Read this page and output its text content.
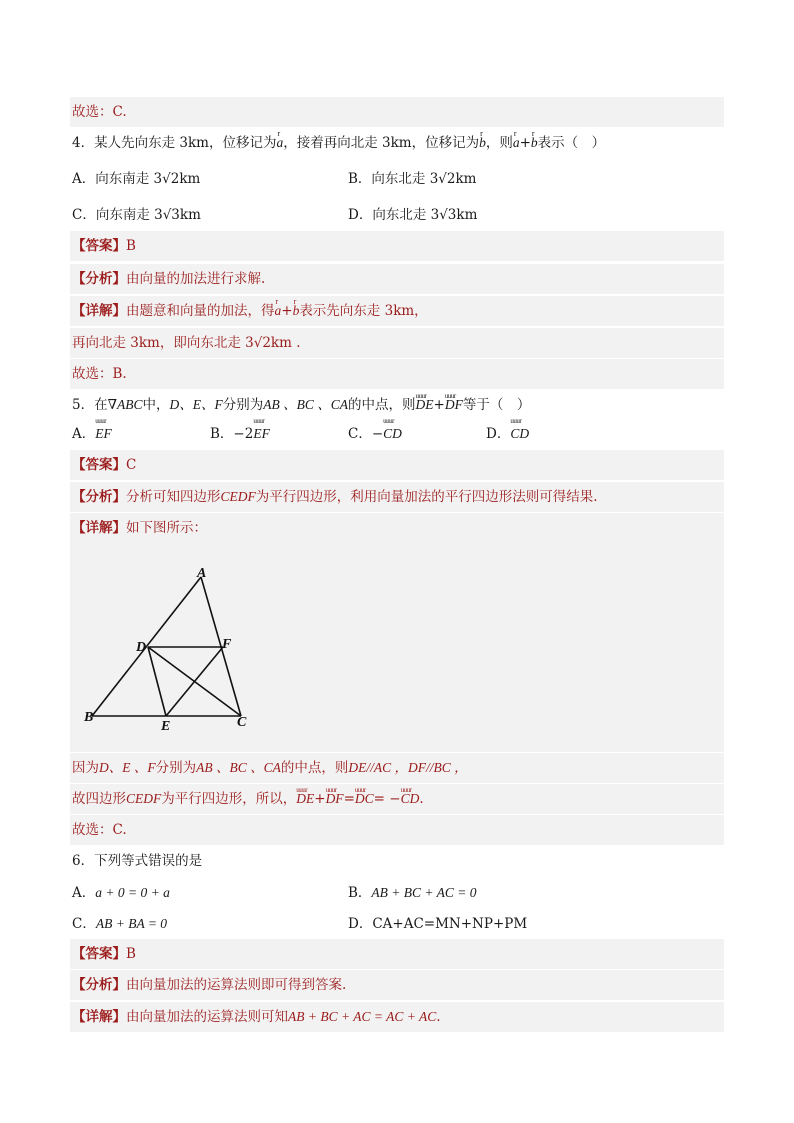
故选：C.
4．某人先向东走 3km，位移记为r a，接着再向北走 3km，位移记为r b，则r a+r b表示（　）
A．向东南走 3√2km	B．向东北走 3√2km
C．向东南走 3√3km	D．向东北走 3√3km
【答案】B
【分析】由向量的加法进行求解.
【详解】由题意和向量的加法，得r a+r b表示先向东走 3km，
再向北走 3km，即向东北走 3√2km .
故选：B.
5．在∇ABC中，D、E、F分别为AB 、BC 、CA的中点，则uuur DE+uuur DF等于（　）
A．uuur EF	B．−2uuur EF	C．−uuur CD	D．uuur CD
【答案】C
【分析】分析可知四边形CEDF为平行四边形，利用向量加法的平行四边形法则可得结果.
【详解】如下图所示：
A
B	C
D
E
F
因为D、E 、F分别为AB 、BC 、CA的中点，则DE//AC ，DF//BC ，
故四边形CEDF为平行四边形，所以，uuur DE+uuur DF=uuur DC= −uuur CD.
故选：C.
6．下列等式错误的是
A．a + 0 = 0 + a	B．AB + BC + AC = 0
C．AB + BA = 0	D．CA+AC=MN+NP+PM
【答案】B
【分析】由向量加法的运算法则即可得到答案.
【详解】由向量加法的运算法则可知AB + BC + AC = AC + AC.
